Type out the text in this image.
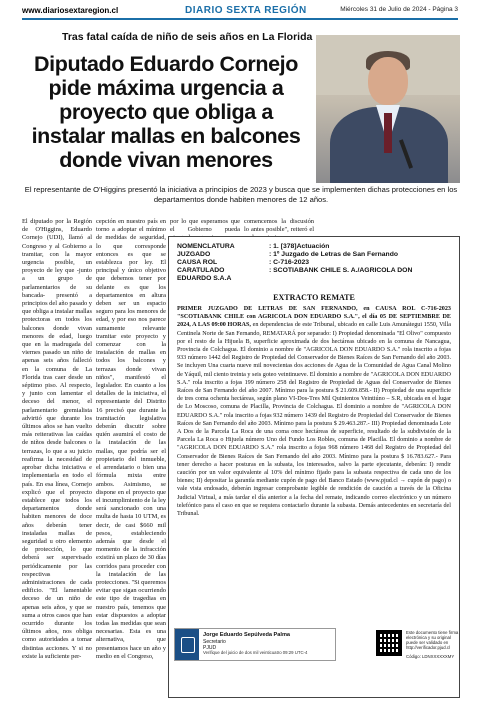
www.diariosextaregion.cl	DIARIO SEXTA REGIÓN	Miércoles 31 de Julio de 2024 - Página 3
Tras fatal caída de niño de seis años en La Florida
Diputado Eduardo Cornejo pide máxima urgencia a proyecto que obliga a instalar mallas en balcones donde vivan menores

El representante de O'Higgins presentó la iniciativa a principios de 2023 y busca que se implementen dichas protecciones en los departamentos donde habiten menores de 12 años.

El diputado por la Región de O'Higgins, Eduardo Cornejo (UDI), llamó al Congreso y al Gobierno a tramitar, con la mayor urgencia posible, un proyecto de ley que -junto a un grupo de parlamentarios de su bancada- presentó a principios del año pasado y que obliga a instalar mallas protectoras en todos los balcones donde vivan menores de edad, luego que en la madrugada del viernes pasado un niño de apenas seis años falleció en la comuna de La Florida tras caer desde un séptimo piso. Al respecto, y junto con lamentar el deceso del menor, el parlamentario gremialista advirtió que durante los últimos años se han vuelto más reiterativas las caídas de niños desde balcones o terrazas, lo que a su juicio reafirma la necesidad de aprobar dicha iniciativa e implementarla en todo el país. En esa línea, Cornejo explicó que el proyecto establece que todos los departamentos donde habiten menores de doce años deberán tener instaladas mallas de seguridad u otro elemento de protección, lo que deberá ser supervisado periódicamente por las respectivas administraciones de cada edificio. "El lamentable deceso de un niño de apenas seis años, y que se suma a otros casos que han ocurrido durante los últimos años, nos obliga como autoridades a tomar distintas acciones. Y si no existe la suficiente per-

cepción en nuestro país en torno a adoptar el mínimo de medidas de seguridad, lo que corresponde entonces es que se establezca por ley. El principal y único objetivo que debemos tener por delante es que los departamentos en altura deben ser un espacio seguro para los menores de edad, y por eso nos parece sumamente relevante tramitar este proyecto y comenzar con la instalación de mallas en todos los balcones y terrazas donde vivan niños", manifestó el legislador. En cuanto a los detalles de la iniciativa, el representante del Distrito 16 precisó que durante la tramitación legislativa deberán discutir sobre quién asumirá el costo de la instalación de las mallas, que podría ser el propietario del inmueble, el arrendatario o bien una fórmula mixta entre ambos. Asimismo, se dispone en el proyecto que el incumplimiento de la ley será sancionado con una multa de hasta 10 UTM, es decir, de casi $660 mil pesos, estableciendo además que desde el momento de la infracción existirá un plazo de 30 días corridos para proceder con la instalación de las protecciones. "Si queremos evitar que sigan ocurriendo este tipo de tragedias en nuestro país, tenemos que estar dispuestos a adoptar todas las medidas que sean necesarias. Esta es una alternativa, que presentamos hace un año y medio en el Congreso,

por lo que esperamos que el Gobierno pueda

comencemos la discusión lo antes posible", reiteró el

NOMENCLATURA	: 1. [378]Actuación
JUZGADO	: 1º Juzgado de Letras de San Fernando
CAUSA ROL	: C-716-2023
CARATULADO	: SCOTIABANK CHILE S. A./AGRICOLA DON
EDUARDO S.A.A
EXTRACTO REMATE

PRIMER JUZGADO DE LETRAS DE SAN FERNANDO, en CAUSA ROL C-716-2023 "SCOTIABANK CHILE con AGRICOLA DON EDUARDO S.A.", el día 05 DE SEPTIEMBRE DE 2024, A LAS 09:00 HORAS, en dependencias de este Tribunal, ubicado en calle Luis Amunátegui 1550, Villa Centinela Norte de San Fernando, REMATARÁ por separado: I) Propiedad denominada "El Olivo" compuesto por el resto de la Hijuela B, superficie aproximada de dos hectáreas ubicado en la comuna de Nancagua, Provincia de Colchagua. El dominio a nombre de "AGRICOLA DON EDUARDO S.A." rola inscrito a fojas 933 número 1442 del Registro de Propiedad del Conservador de Bienes Raíces de San Fernando del año 2003. Se incluyen Una cuarta nueve mil novecientas dos acciones de Agua de la Comunidad de Agua Canal Molino de Yáquil, mil ciento treinta y seis goteo veintinueve. El dominio a nombre de "AGRICOLA DON EDUARDO S.A." rola inscrito a fojas 199 número 258 del Registro de Propiedad de Aguas del Conservador de Bienes Raíces de San Fernando del año 2007. Mínimo para la postura $ 21.609.858.- II) Propiedad de una superficie de tres coma ochenta hectáreas, según plano VI-Dos-Tres Mil Quinientos Veintiúno – S.R, ubicada en el lugar de Lo Moscoso, comuna de Placilla, Provincia de Colchagua. El dominio a nombre de "AGRICOLA DON EDUARDO S.A." rola inscrito a fojas 932 número 1439 del Registro de Propiedad del Conservador de Bienes Raíces de San Fernando del año 2003. Mínimo para la postura $ 29.463.287.- III) Propiedad denominada Lote A Dos de la Parcela La Roca de una coma once hectáreas de superficie, resultado de la subdivisión de la Parcela La Roca o Hijuela número Uno del Fundo Los Robles, comuna de Placilla. El dominio a nombre de "AGRICOLA DON EDUARDO S.A." rola inscrito a fojas 968 número 1468 del Registro de Propiedad del Conservador de Bienes Raíces de San Fernando del año 2003. Mínimo para la postura $ 16.783.627.- Para tener derecho a hacer posturas en la subasta, los interesados, salvo la parte ejecutante, deberán: I) rendir caución por un valor equivalente al 10% del mínimo fijado para la subasta respectiva de cada uno de los bienes; II) depositar la garantía mediante cupón de pago del Banco Estado (www.pjud.cl → cupón de pago) o vale vista endosado, deberán ingresar comprobante legible de rendición de caución a través de la Oficina Judicial Virtual, a más tardar el día anterior a la fecha del remate, indicando correo electrónico y un número telefónico para el caso en que se requiera contactarlo durante la subasta. Demás antecedentes en secretaría del Tribunal.

Jorge Eduardo Sepúlveda Palma
Secretario
PJUD
Verifique del juicio de dos mil veinticuatro 09:29 UTC-4
Este documento tiene firma electrónica y su original puede ser validado en http://verificador.pjud.cl
Código: LDNXXXXXXMY
